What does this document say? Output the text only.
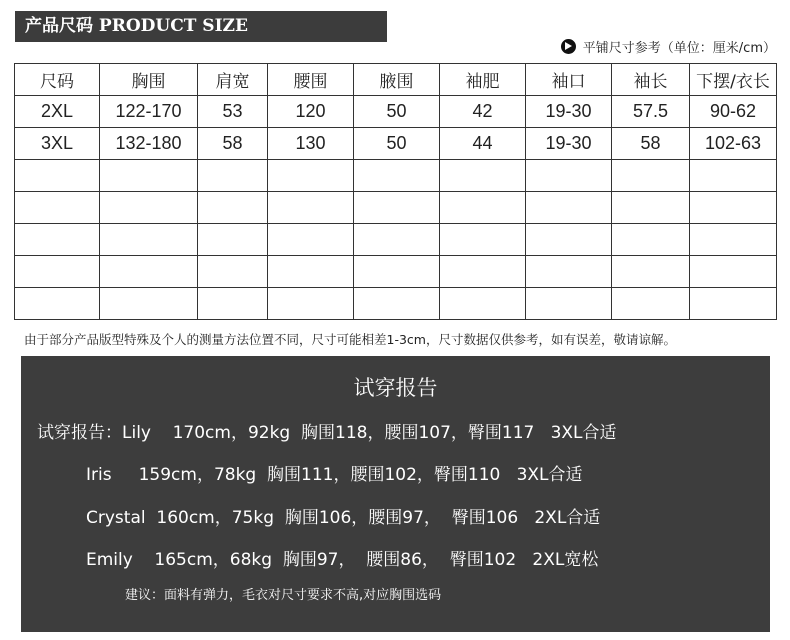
产品尺码 PRODUCT SIZE
平铺尺寸参考（单位：厘米/cm）
尺码	胸围	肩宽	腰围	腋围	袖肥	袖口	袖长	下摆/衣长
2XL	122-170	53	120	50	42	19-30	57.5	90-62
3XL	132-180	58	130	50	44	19-30	58	102-63

由于部分产品版型特殊及个人的测量方法位置不同，尺寸可能相差1-3cm，尺寸数据仅供参考，如有误差，敬请谅解。
试穿报告
试穿报告：Lily    170cm，92kg  胸围118，腰围107，臀围117   3XL合适
Iris     159cm，78kg  胸围111，腰围102，臀围110   3XL合适
Crystal  160cm，75kg  胸围106，腰围97，  臀围106   2XL合适
Emily    165cm，68kg  胸围97，  腰围86，  臀围102   2XL宽松
建议：面料有弹力，毛衣对尺寸要求不高,对应胸围选码
